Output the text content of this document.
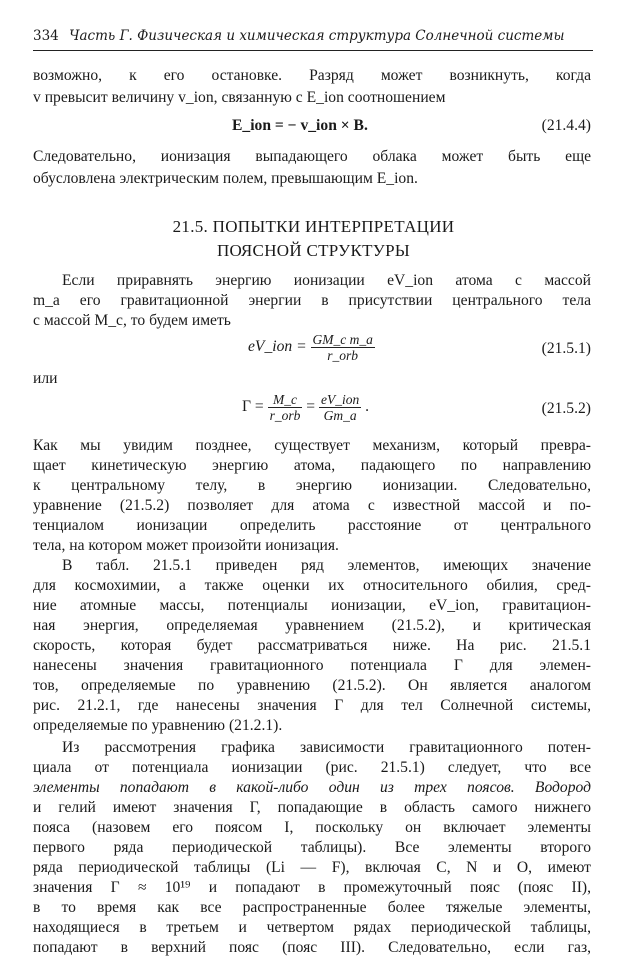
334 Часть Г. Физическая и химическая структура Солнечной системы
возможно, к его остановке. Разряд может возникнуть, когда
v превысит величину v_ion, связанную с E_ion соотношением
E_ion = − v_ion × B.	(21.4.4)
Следовательно, ионизация выпадающего облака может быть еще
обусловлена электрическим полем, превышающим E_ion.
21.5. ПОПЫТКИ ИНТЕРПРЕТАЦИИ
ПОЯСНОЙ СТРУКТУРЫ
Если приравнять энергию ионизации eV_ion атома с массой
m_a его гравитационной энергии в присутствии центрального тела
с массой M_c, то будем иметь
eV_ion = $\frac{\text{GM\_c m\_a}}{\text{r\_orb}}$	(21.5.1)
или
$\Gamma = \frac{M\_c}{\text{r\_orb}} = \frac{\text{eV\_ion}}{Gm\_a}$ .	(21.5.2)
Как мы увидим позднее, существует механизм, который превра-
щает кинетическую энергию атома, падающего по направлению
к центральному телу, в энергию ионизации. Следовательно,
уравнение (21.5.2) позволяет для атома с известной массой и по-
тенциалом ионизации определить расстояние от центрального
тела, на котором может произойти ионизация.
В табл. 21.5.1 приведен ряд элементов, имеющих значение
для космохимии, а также оценки их относительного обилия, сред-
ние атомные массы, потенциалы ионизации, eV_ion, гравитацион-
ная энергия, определяемая уравнением (21.5.2), и критическая
скорость, которая будет рассматриваться ниже. На рис. 21.5.1
нанесены значения гравитационного потенциала Γ для элемен-
тов, определяемые по уравнению (21.5.2). Он является аналогом
рис. 21.2.1, где нанесены значения Γ для тел Солнечной системы,
определяемые по уравнению (21.2.1).
Из рассмотрения графика зависимости гравитационного потен-
циала от потенциала ионизации (рис. 21.5.1) следует, что все
элементы попадают в какой-либо один из трех поясов. Водород
и гелий имеют значения Γ, попадающие в область самого нижнего
пояса (назовем его поясом I, поскольку он включает элементы
первого ряда периодической таблицы). Все элементы второго
ряда периодической таблицы (Li — F), включая C, N и O, имеют
значения Γ ≈ 10¹⁹ и попадают в промежуточный пояс (пояс II),
в то время как все распространенные более тяжелые элементы,
находящиеся в третьем и четвертом рядах периодической таблицы,
попадают в верхний пояс (пояс III). Следовательно, если газ,
